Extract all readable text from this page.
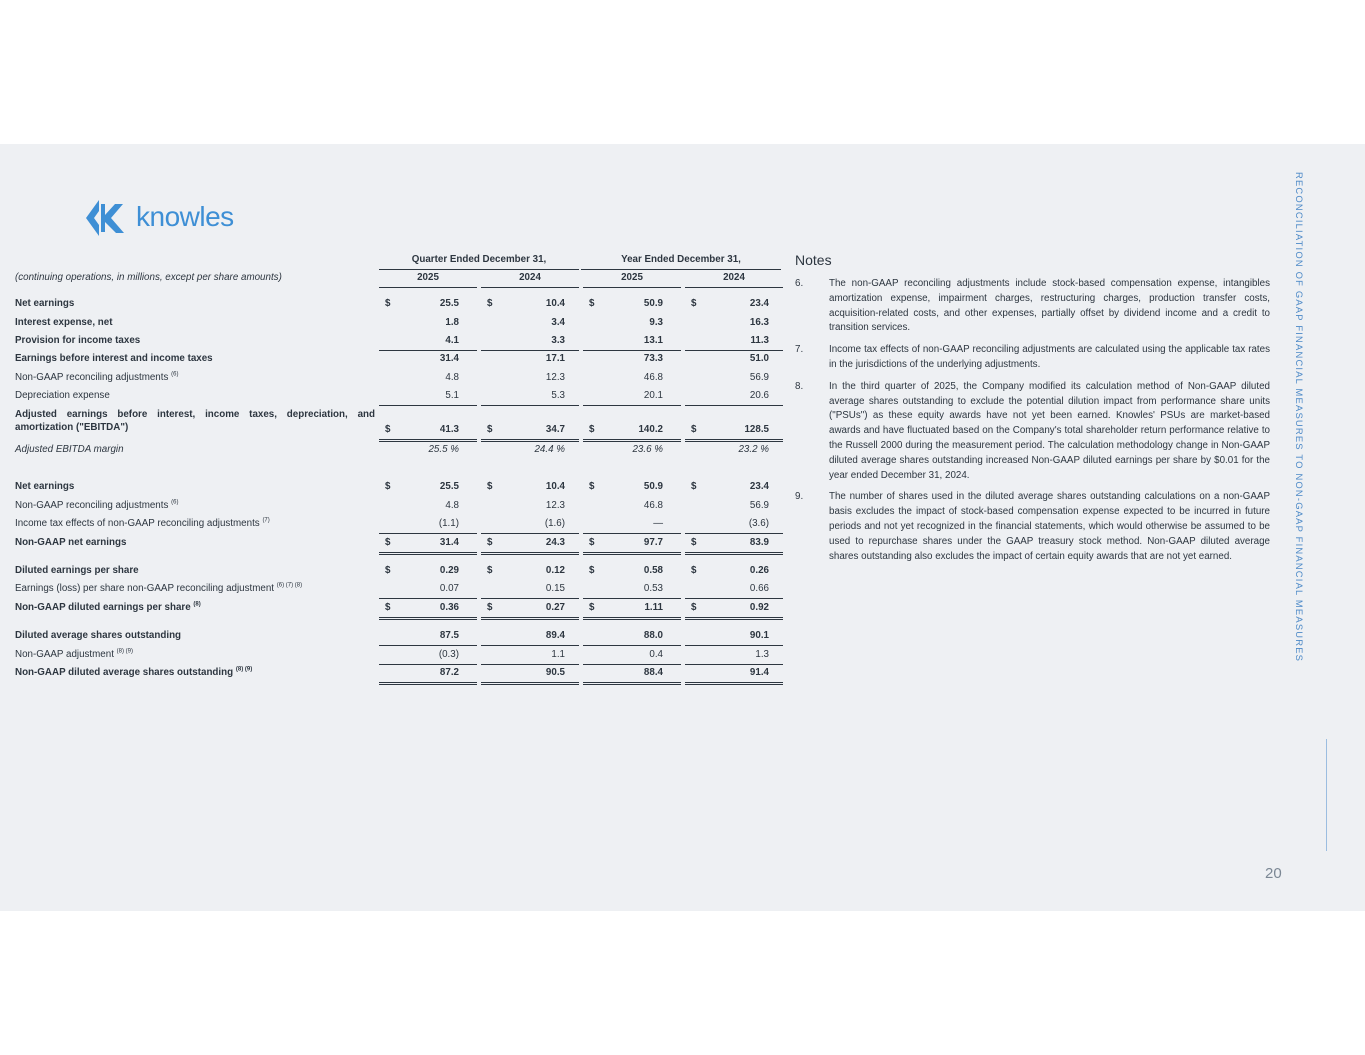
knowles
Quarter Ended December 31,	Year Ended December 31,
(continuing operations, in millions, except per share amounts)	2025	2024	2025	2024
Net earnings	$	25.5	$	10.4 $	50.9	$	23.4
Interest expense, net	1.8	3.4	9.3	16.3
Provision for income taxes	4.1	3.3	13.1	11.3
Earnings before interest and income taxes	31.4	17.1	73.3	51.0
Non-GAAP reconciling adjustments $^{(6)}$	4.8	12.3	46.8	56.9
Depreciation expense	5.1	5.3	20.1	20.6
Adjusted earnings before interest, income taxes, depreciation, and amortization ("EBITDA")	$	41.3	$	34.7 $	140.2	$	128.5
Adjusted EBITDA margin	25.5 %	24.4 %	23.6 %	23.2 %
Net earnings	$	25.5	$	10.4 $	50.9	$	23.4
Non-GAAP reconciling adjustments $^{(6)}$	4.8	12.3	46.8	56.9
Income tax effects of non-GAAP reconciling adjustments $^{(7)}$	(1.1)	(1.6)	—	(3.6)
Non-GAAP net earnings	$	31.4	$	24.3 $	97.7	$	83.9
Diluted earnings per share	$	0.29	$	0.12 $	0.58	$	0.26
Earnings (loss) per share non-GAAP reconciling adjustment $^{(6) (7) (8)}$	0.07	0.15	0.53	0.66
Non-GAAP diluted earnings per share $^{(8)}$	$	0.36	$	0.27 $	1.11	$	0.92
Diluted average shares outstanding	87.5	89.4	88.0	90.1
Non-GAAP adjustment $^{(8) (9)}$	(0.3)	1.1	0.4	1.3
Non-GAAP diluted average shares outstanding $^{(8) (9)}$	87.2	90.5	88.4	91.4
Notes
6.	The non-GAAP reconciling adjustments include stock-based compensation expense, intangibles amortization expense, impairment charges, restructuring charges, production transfer costs, acquisition-related costs, and other expenses, partially offset by dividend income and a credit to transition services.
7.	Income tax effects of non-GAAP reconciling adjustments are calculated using the applicable tax rates in the jurisdictions of the underlying adjustments.
8.	In the third quarter of 2025, the Company modified its calculation method of Non-GAAP diluted average shares outstanding to exclude the potential dilution impact from performance share units ("PSUs") as these equity awards have not yet been earned. Knowles' PSUs are market-based awards and have fluctuated based on the Company's total shareholder return performance relative to the Russell 2000 during the measurement period. The calculation methodology change in Non-GAAP diluted average shares outstanding increased Non-GAAP diluted earnings per share by $0.01 for the year ended December 31, 2024.
9.	The number of shares used in the diluted average shares outstanding calculations on a non-GAAP basis excludes the impact of stock-based compensation expense expected to be incurred in future periods and not yet recognized in the financial statements, which would otherwise be assumed to be used to repurchase shares under the GAAP treasury stock method. Non-GAAP diluted average shares outstanding also excludes the impact of certain equity awards that are not yet earned.	RECONCILIATION OF GAAP FINANCIAL MEASURES TO NON-GAAP FINANCIAL MEASURES
20
